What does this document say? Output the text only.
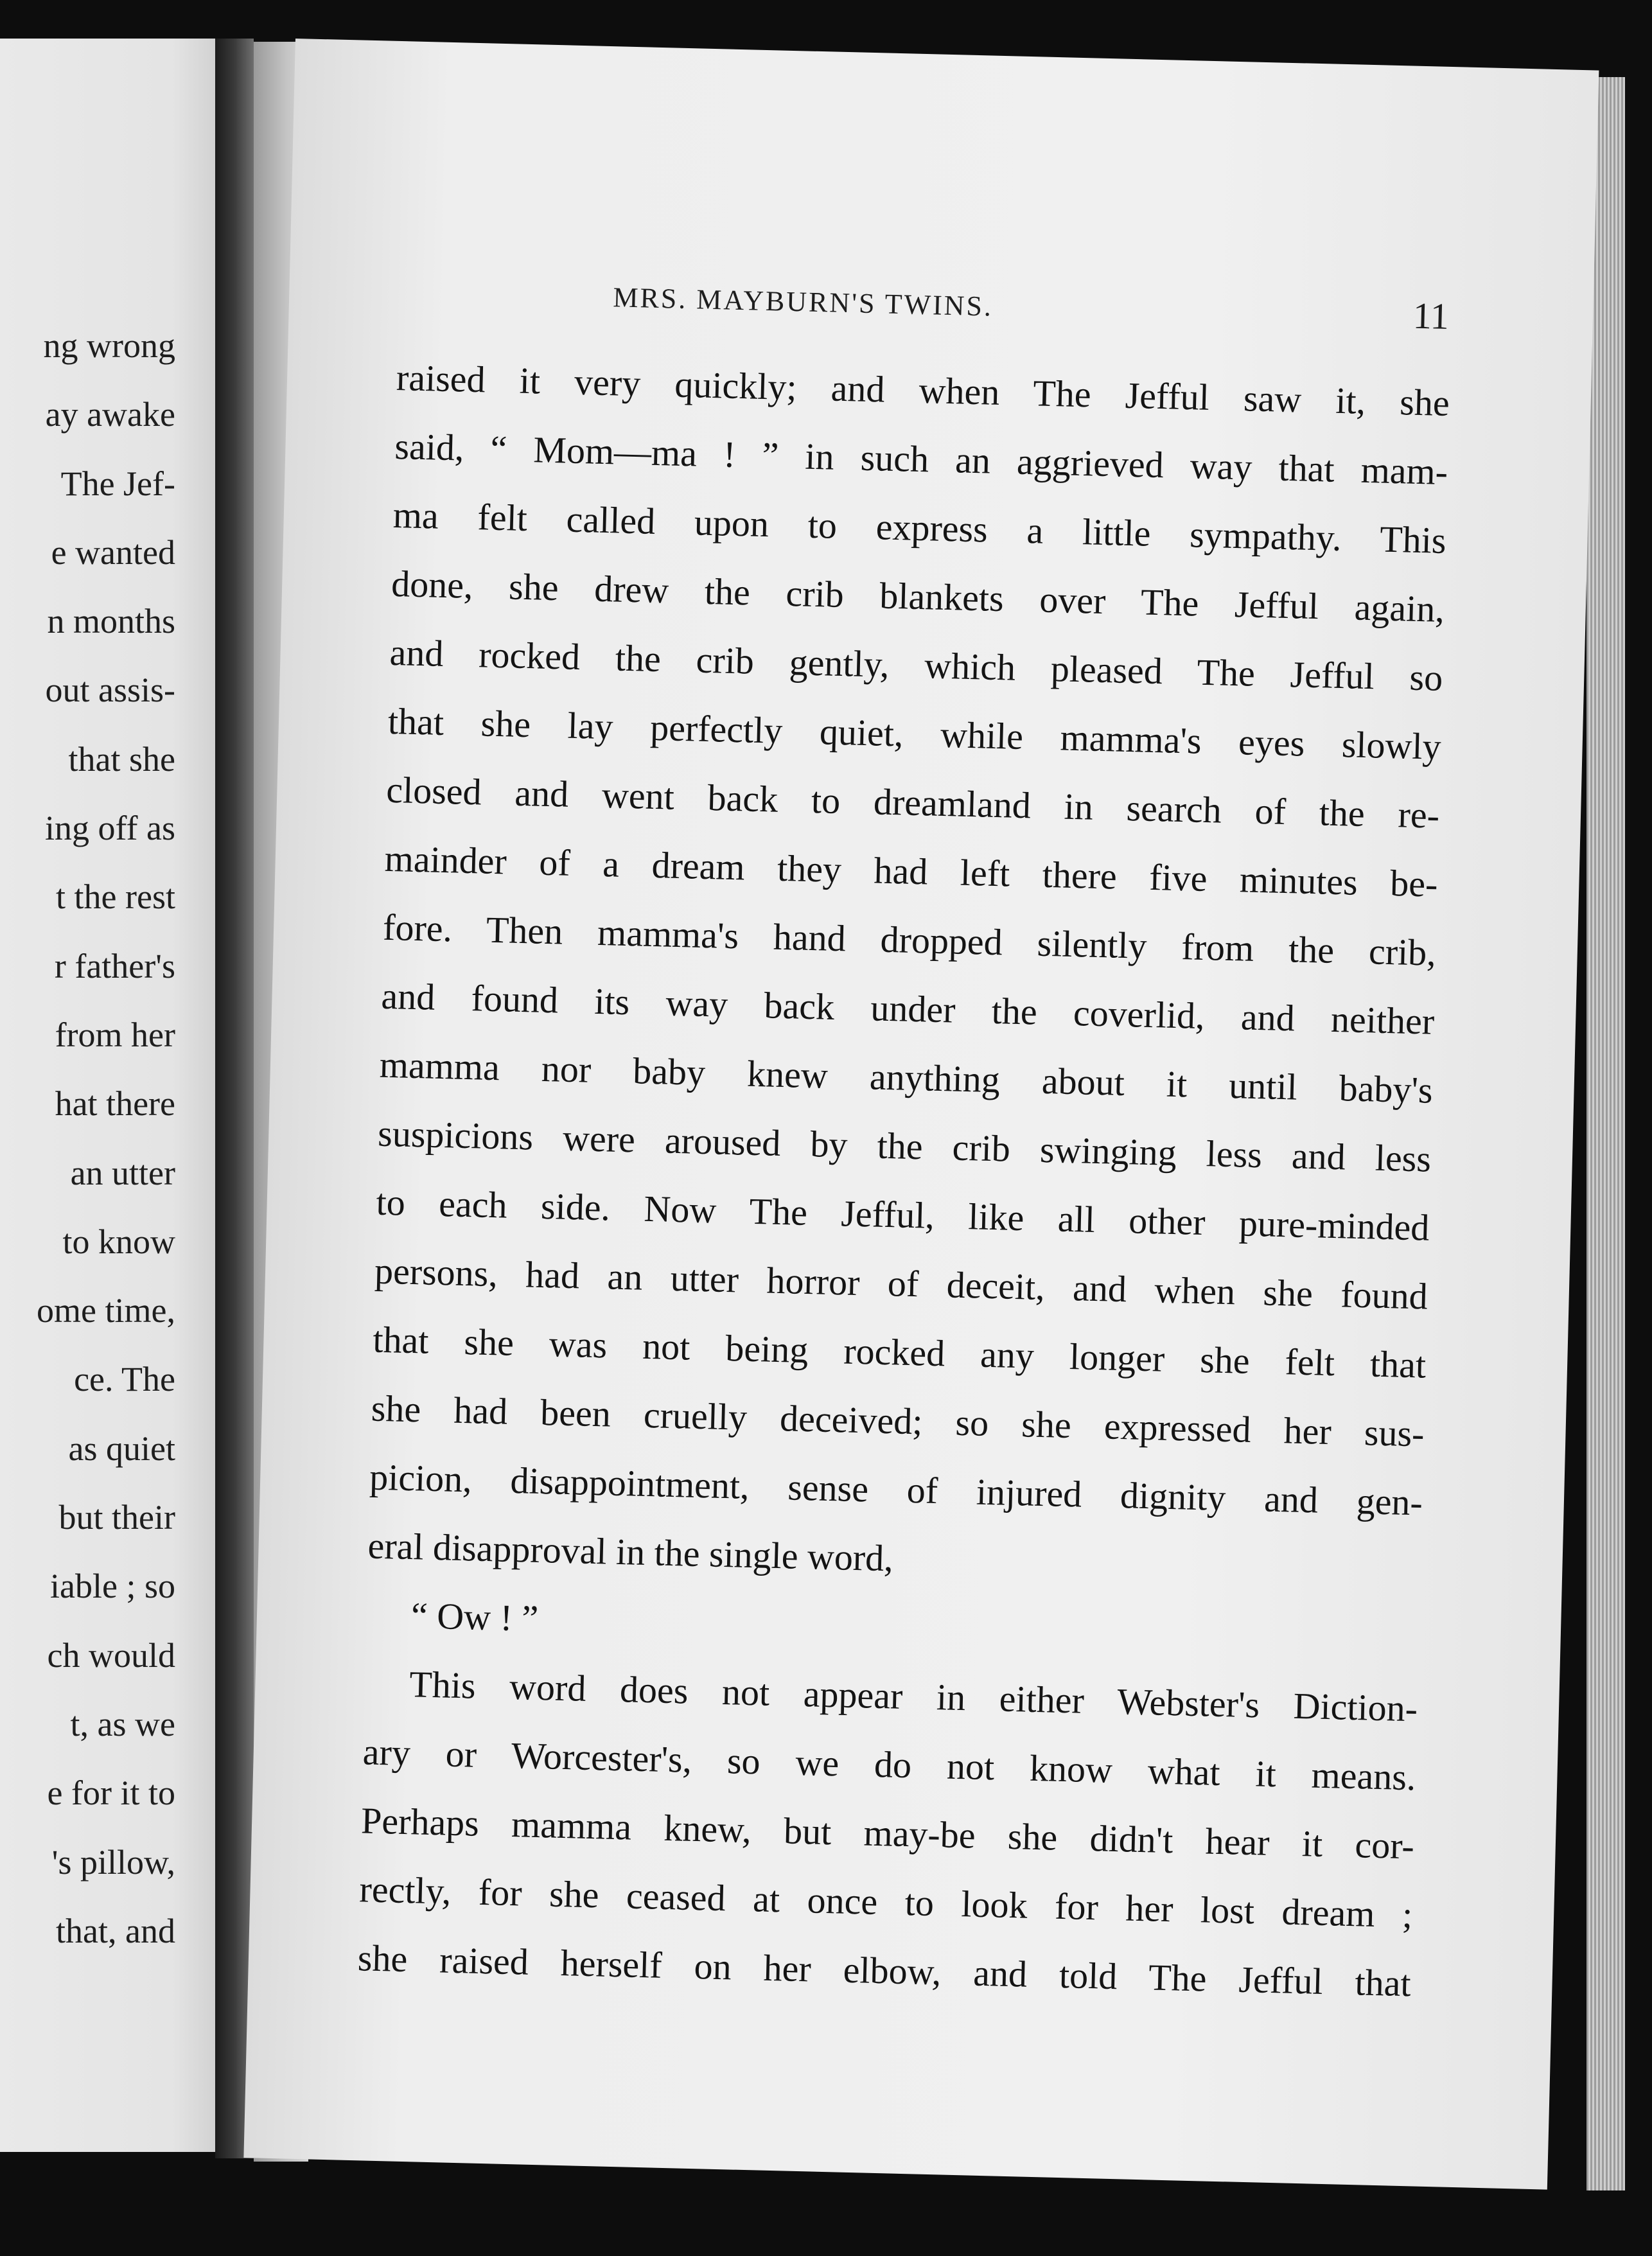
ng wrong
ay awake
The Jef-
e wanted
n months
out assis-
that she
ing off as
t the rest
r father's
from her
hat there
an utter
to know
ome time,
ce. The
as quiet
but their
iable ; so
ch would
t, as we
e for it to
's pillow,
that, and
MRS. MAYBURN'S TWINS.	11
raised it very quickly; and when The Jefful saw it, she
said, “ Mom—ma ! ” in such an aggrieved way that mam-
ma felt called upon to express a little sympathy. This
done, she drew the crib blankets over The Jefful again,
and rocked the crib gently, which pleased The Jefful so
that she lay perfectly quiet, while mamma's eyes slowly
closed and went back to dreamland in search of the re-
mainder of a dream they had left there five minutes be-
fore. Then mamma's hand dropped silently from the crib,
and found its way back under the coverlid, and neither
mamma nor baby knew anything about it until baby's
suspicions were aroused by the crib swinging less and less
to each side. Now The Jefful, like all other pure-minded
persons, had an utter horror of deceit, and when she found
that she was not being rocked any longer she felt that
she had been cruelly deceived; so she expressed her sus-
picion, disappointment, sense of injured dignity and gen-
eral disapproval in the single word,
“ Ow ! ”
This word does not appear in either Webster's Diction-
ary or Worcester's, so we do not know what it means.
Perhaps mamma knew, but may-be she didn't hear it cor-
rectly, for she ceased at once to look for her lost dream ;
she raised herself on her elbow, and told The Jefful that
